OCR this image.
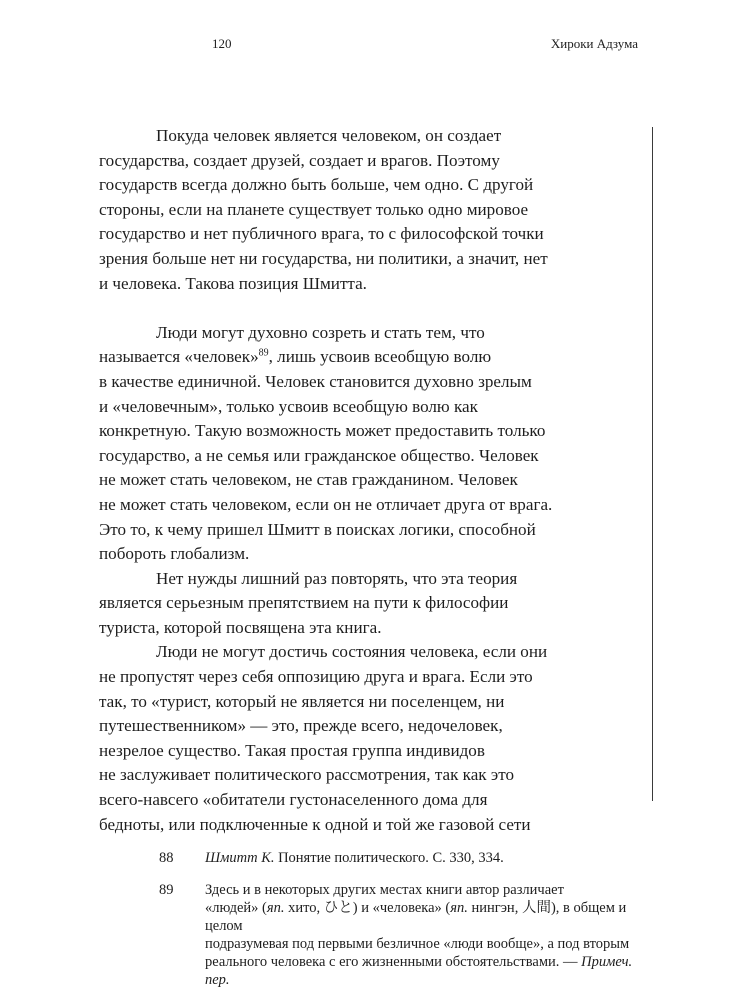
120	Хироки Адзума

Покуда человек является человеком, он создает
государства, создает друзей, создает и врагов. Поэтому
государств всегда должно быть больше, чем одно. С другой
стороны, если на планете существует только одно мировое
государство и нет публичного врага, то с философской точки
зрения больше нет ни государства, ни политики, а значит, нет
и человека. Такова позиция Шмитта.

Люди могут духовно созреть и стать тем, что
называется «человек»$^{89}$, лишь усвоив всеобщую волю
в качестве единичной. Человек становится духовно зрелым
и «человечным», только усвоив всеобщую волю как
конкретную. Такую возможность может предоставить только
государство, а не семья или гражданское общество. Человек
не может стать человеком, не став гражданином. Человек
не может стать человеком, если он не отличает друга от врага.
Это то, к чему пришел Шмитт в поисках логики, способной
побороть глобализм.

Нет нужды лишний раз повторять, что эта теория
является серьезным препятствием на пути к философии
туриста, которой посвящена эта книга.

Люди не могут достичь состояния человека, если они
не пропустят через себя оппозицию друга и врага. Если это
так, то «турист, который не является ни поселенцем, ни
путешественником» — это, прежде всего, недочеловек,
незрелое существо. Такая простая группа индивидов
не заслуживает политического рассмотрения, так как это
всего-навсего «обитатели густонаселенного дома для
бедноты, или подключенные к одной и той же газовой сети

88	Шмитт К. Понятие политического. С. 330, 334.
89	Здесь и в некоторых других местах книги автор различает
«людей» (яп. хито, ひと) и «человека» (яп. нингэн, 人間), в общем и целом
подразумевая под первыми безличное «люди вообще», а под вторым
реального человека с его жизненными обстоятельствами. — Примеч. пер.
